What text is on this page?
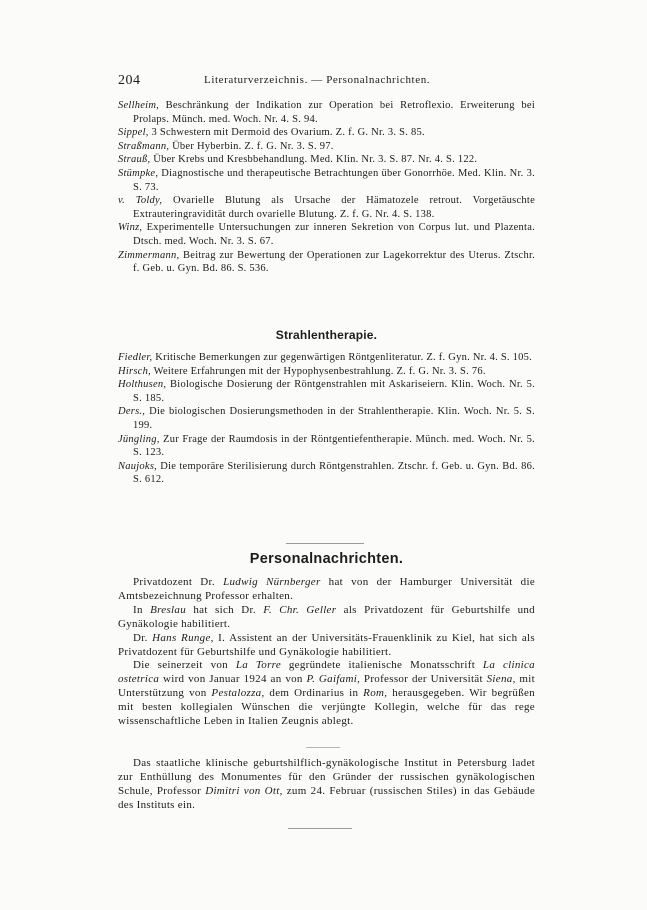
204	Literaturverzeichnis. — Personalnachrichten.

Sellheim, Beschränkung der Indikation zur Operation bei Retroflexio. Erweiterung bei Prolaps. Münch. med. Woch. Nr. 4. S. 94.

Sippel, 3 Schwestern mit Dermoid des Ovarium. Z. f. G. Nr. 3. S. 85.

Straßmann, Über Hyberbin. Z. f. G. Nr. 3. S. 97.

Strauß, Über Krebs und Kresbbehandlung. Med. Klin. Nr. 3. S. 87. Nr. 4. S. 122.

Stümpke, Diagnostische und therapeutische Betrachtungen über Gonorrhöe. Med. Klin. Nr. 3. S. 73.

v. Toldy, Ovarielle Blutung als Ursache der Hämatozele retrout. Vorgetäuschte Extrauteringravidität durch ovarielle Blutung. Z. f. G. Nr. 4. S. 138.

Winz, Experimentelle Untersuchungen zur inneren Sekretion von Corpus lut. und Plazenta. Dtsch. med. Woch. Nr. 3. S. 67.

Zimmermann, Beitrag zur Bewertung der Operationen zur Lagekorrektur des Uterus. Ztschr. f. Geb. u. Gyn. Bd. 86. S. 536.

Strahlentherapie.

Fiedler, Kritische Bemerkungen zur gegenwärtigen Röntgenliteratur. Z. f. Gyn. Nr. 4. S. 105.

Hirsch, Weitere Erfahrungen mit der Hypophysenbestrahlung. Z. f. G. Nr. 3. S. 76.

Holthusen, Biologische Dosierung der Röntgenstrahlen mit Askariseiern. Klin. Woch. Nr. 5. S. 185.

Ders., Die biologischen Dosierungsmethoden in der Strahlentherapie. Klin. Woch. Nr. 5. S. 199.

Jüngling, Zur Frage der Raumdosis in der Röntgentiefentherapie. Münch. med. Woch. Nr. 5. S. 123.

Naujoks, Die temporäre Sterilisierung durch Röntgenstrahlen. Ztschr. f. Geb. u. Gyn. Bd. 86. S. 612.

Personalnachrichten.

Privatdozent Dr. Ludwig Nürnberger hat von der Hamburger Universität die Amtsbezeichnung Professor erhalten.

In Breslau hat sich Dr. F. Chr. Geller als Privatdozent für Geburtshilfe und Gynäkologie habilitiert.

Dr. Hans Runge, I. Assistent an der Universitäts-Frauenklinik zu Kiel, hat sich als Privatdozent für Geburtshilfe und Gynäkologie habilitiert.

Die seinerzeit von La Torre gegründete italienische Monatsschrift La clinica ostetrica wird von Januar 1924 an von P. Gaifami, Professor der Universität Siena, mit Unterstützung von Pestalozza, dem Ordinarius in Rom, herausgegeben. Wir begrüßen mit besten kollegialen Wünschen die verjüngte Kollegin, welche für das rege wissenschaftliche Leben in Italien Zeugnis ablegt.

Das staatliche klinische geburtshilflich-gynäkologische Institut in Petersburg ladet zur Enthüllung des Monumentes für den Gründer der russischen gynäkologischen Schule, Professor Dimitri von Ott, zum 24. Februar (russischen Stiles) in das Gebäude des Instituts ein.
